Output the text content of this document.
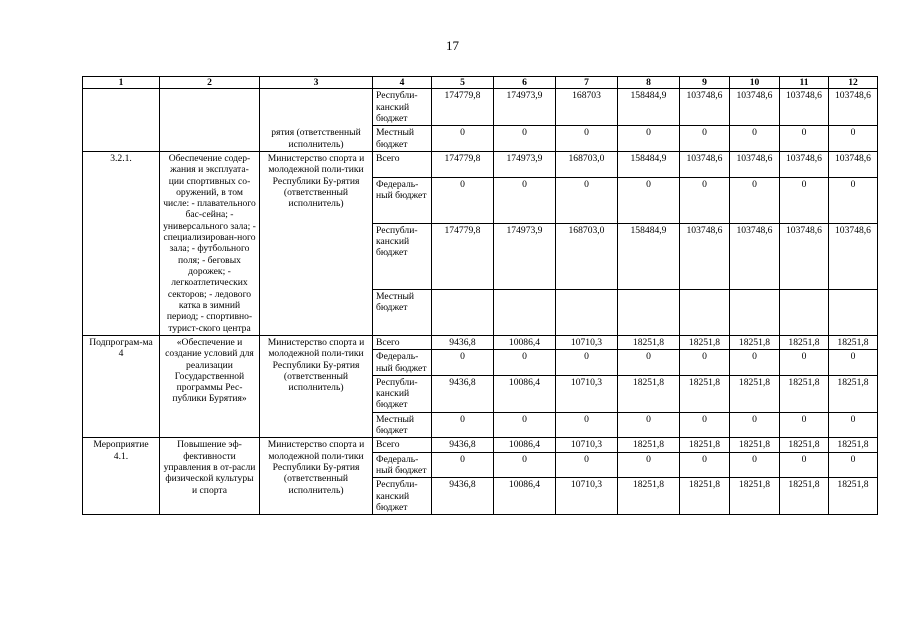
17
1	2	3	4	5	6	7	8	9	10	11	12
		рятия (ответственный исполнитель)	Республи-канский бюджет	174779,8	174973,9	168703	158484,9	103748,6	103748,6	103748,6	103748,6
			Местный бюджет	0	0	0	0	0	0	0	0
3.2.1.	Обеспечение содер-жания и эксплуата-ции спортивных со-оружений, в том числе: - плавательного бас-сейна; - универсального зала; - специализирован-ного зала; - футбольного поля; - беговых дорожек; - легкоатлетических секторов; - ледового катка в зимний период; - спортивно-турист-ского центра	Министерство спорта и молодежной поли-тики Республики Бу-рятия (ответственный исполнитель)	Всего	174779,8	174973,9	168703,0	158484,9	103748,6	103748,6	103748,6	103748,6
			Федераль-ный бюджет	0	0	0	0	0	0	0	0
			Республи-канский бюджет	174779,8	174973,9	168703,0	158484,9	103748,6	103748,6	103748,6	103748,6
			Местный бюджет								
Подпрограм-ма 4	«Обеспечение и создание условий для реализации Государственной программы Рес-публики Бурятия»	Министерство спорта и молодежной поли-тики Республики Бу-рятия (ответственный исполнитель)	Всего	9436,8	10086,4	10710,3	18251,8	18251,8	18251,8	18251,8	18251,8
			Федераль-ный бюджет	0	0	0	0	0	0	0	0
			Республи-канский бюджет	9436,8	10086,4	10710,3	18251,8	18251,8	18251,8	18251,8	18251,8
			Местный бюджет	0	0	0	0	0	0	0	0
Мероприятие 4.1.	Повышение эф-фективности управления в от-расли физической культуры и спорта	Министерство спорта и молодежной поли-тики Республики Бу-рятия (ответственный исполнитель)	Всего	9436,8	10086,4	10710,3	18251,8	18251,8	18251,8	18251,8	18251,8
			Федераль-ный бюджет	0	0	0	0	0	0	0	0
			Республи-канский бюджет	9436,8	10086,4	10710,3	18251,8	18251,8	18251,8	18251,8	18251,8
